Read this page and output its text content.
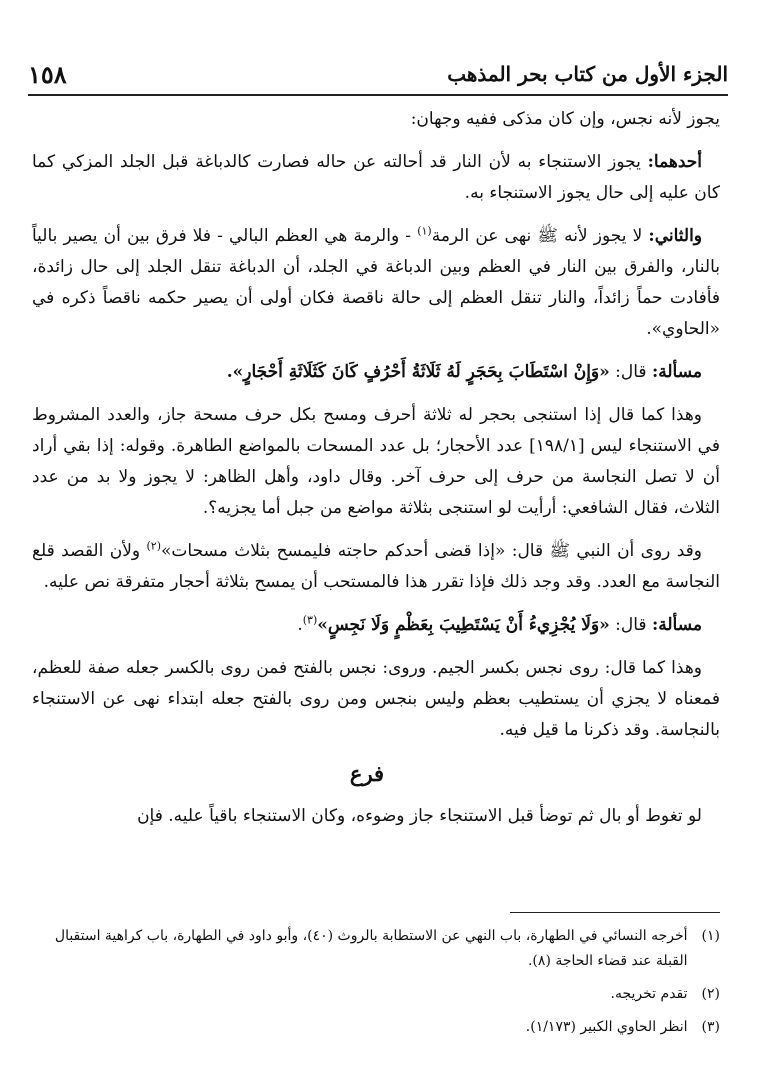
الجزء الأول من كتاب بحر المذهب
١٥٨

يجوز لأنه نجس، وإن كان مذكى ففيه وجهان:

أحدهما: يجوز الاستنجاء به لأن النار قد أحالته عن حاله فصارت كالدباغة قبل الجلد المزكي كما كان عليه إلى حال يجوز الاستنجاء به.

والثاني: لا يجوز لأنه ﷺ نهى عن الرمة$^{(١)}$ - والرمة هي العظم البالي - فلا فرق بين أن يصير بالياً بالنار، والفرق بين النار في العظم وبين الدباغة في الجلد، أن الدباغة تنقل الجلد إلى حال زائدة، فأفادت حماً زائداً، والنار تنقل العظم إلى حالة ناقصة فكان أولى أن يصير حكمه ناقصاً ذكره في «الحاوي».

مسألة: قال: «وَإِنْ اسْتَطَابَ بِحَجَرٍ لَهُ ثَلَاثَةُ أَحْرُفٍ كَانَ كَثَلَاثَةِ أَحْجَارٍ».

وهذا كما قال إذا استنجى بحجر له ثلاثة أحرف ومسح بكل حرف مسحة جاز، والعدد المشروط في الاستنجاء ليس [١٩٨/١] عدد الأحجار؛ بل عدد المسحات بالمواضع الطاهرة. وقوله: إذا بقي أراد أن لا تصل النجاسة من حرف إلى حرف آخر. وقال داود، وأهل الظاهر: لا يجوز ولا بد من عدد الثلاث، فقال الشافعي: أرأيت لو استنجى بثلاثة مواضع من جبل أما يجزيه؟.

وقد روى أن النبي ﷺ قال: «إذا قضى أحدكم حاجته فليمسح بثلاث مسحات»$^{(٢)}$ ولأن القصد قلع النجاسة مع العدد. وقد وجد ذلك فإذا تقرر هذا فالمستحب أن يمسح بثلاثة أحجار متفرقة نص عليه.

مسألة: قال: «وَلَا يُجْزِيءُ أَنْ يَسْتَطِيبَ بِعَظْمٍ وَلَا نَجِسٍ»$^{(٣)}$.

وهذا كما قال: روى نجس بكسر الجيم. وروى: نجس بالفتح فمن روى بالكسر جعله صفة للعظم، فمعناه لا يجزي أن يستطيب بعظم وليس بنجس ومن روى بالفتح جعله ابتداء نهى عن الاستنجاء بالنجاسة. وقد ذكرنا ما قيل فيه.

فرع

لو تغوط أو بال ثم توضأ قبل الاستنجاء جاز وضوءه، وكان الاستنجاء باقياً عليه. فإن

(١)
أخرجه النسائي في الطهارة، باب النهي عن الاستطابة بالروث (٤٠)، وأبو داود في الطهارة، باب كراهية استقبال القبلة عند قضاء الحاجة (٨).
(٢)
تقدم تخريجه.
(٣)
انظر الحاوي الكبير (١/١٧٣).
